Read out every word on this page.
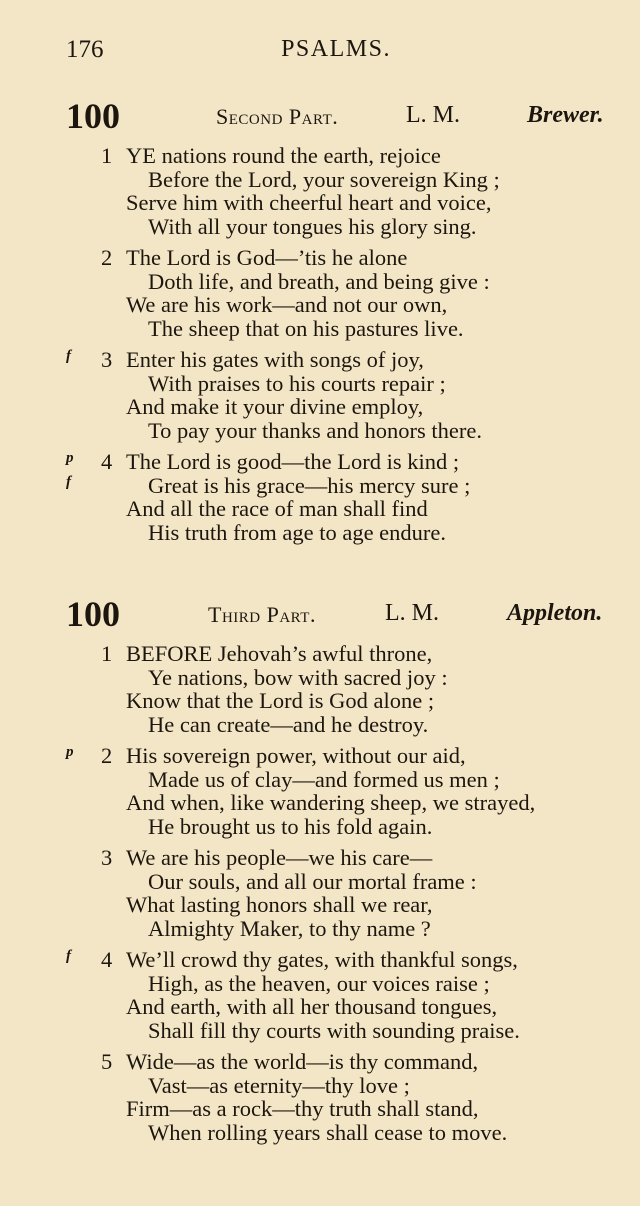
176	PSALMS.
100	Second Part.	L. M.	Brewer.
1 YE nations round the earth, rejoice
Before the Lord, your sovereign King ;
Serve him with cheerful heart and voice,
With all your tongues his glory sing.
2 The Lord is God—’tis he alone
Doth life, and breath, and being give :
We are his work—and not our own,
The sheep that on his pastures live.
3
f Enter his gates with songs of joy,
With praises to his courts repair ;
And make it your divine employ,
To pay your thanks and honors there.
4
p The Lord is good—the Lord is kind ;
f	Great is his grace—his mercy sure ;
And all the race of man shall find
His truth from age to age endure.
100	Third Part.	L. M.	Appleton.
1 BEFORE Jehovah’s awful throne,
Ye nations, bow with sacred joy :
Know that the Lord is God alone ;
He can create—and he destroy.
2
p His sovereign power, without our aid,
Made us of clay—and formed us men ;
And when, like wandering sheep, we strayed,
He brought us to his fold again.
3 We are his people—we his care—
Our souls, and all our mortal frame :
What lasting honors shall we rear,
Almighty Maker, to thy name ?
4
f We’ll crowd thy gates, with thankful songs,
High, as the heaven, our voices raise ;
And earth, with all her thousand tongues,
Shall fill thy courts with sounding praise.
5 Wide—as the world—is thy command,
Vast—as eternity—thy love ;
Firm—as a rock—thy truth shall stand,
When rolling years shall cease to move.
